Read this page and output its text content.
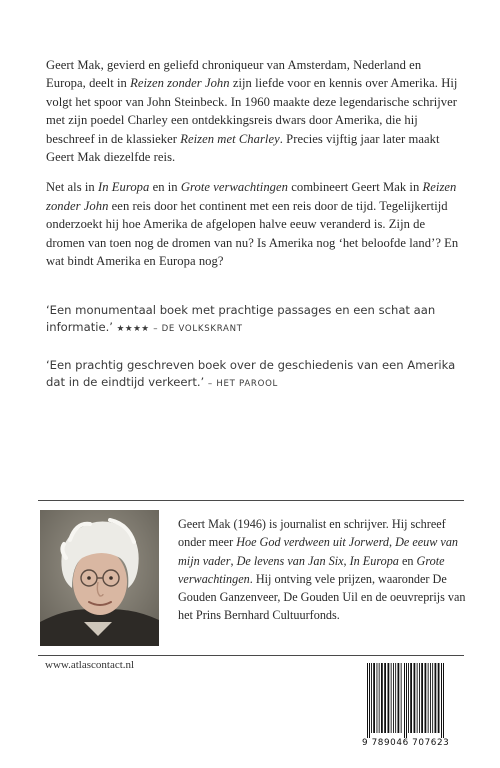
Geert Mak, gevierd en geliefd chroniqueur van Amsterdam, Nederland en Europa, deelt in Reizen zonder John zijn liefde voor en kennis over Amerika. Hij volgt het spoor van John Steinbeck. In 1960 maakte deze legendarische schrijver met zijn poedel Charley een ontdekkingsreis dwars door Amerika, die hij beschreef in de klassieker Reizen met Charley. Precies vijftig jaar later maakt Geert Mak diezelfde reis.

Net als in In Europa en in Grote verwachtingen combineert Geert Mak in Reizen zonder John een reis door het continent met een reis door de tijd. Tegelijkertijd onderzoekt hij hoe Amerika de afgelopen halve eeuw veranderd is. Zijn de dromen van toen nog de dromen van nu? Is Amerika nog ‘het beloofde land’? En wat bindt Amerika en Europa nog?

‘Een monumentaal boek met prachtige passages en een schat aan informatie.’ ★★★★ – DE VOLKSKRANT
‘Een prachtig geschreven boek over de geschiedenis van een Amerika dat in de eindtijd verkeert.’ – HET PAROOL

Geert Mak (1946) is journalist en schrijver. Hij schreef onder meer Hoe God verdween uit Jorwerd, De eeuw van mijn vader, De levens van Jan Six, In Europa en Grote verwachtingen. Hij ontving vele prijzen, waaronder De Gouden Ganzenveer, De Gouden Uil en de oeuvreprijs van het Prins Bernhard Cultuurfonds.

www.atlascontact.nl
9 789046 707623
